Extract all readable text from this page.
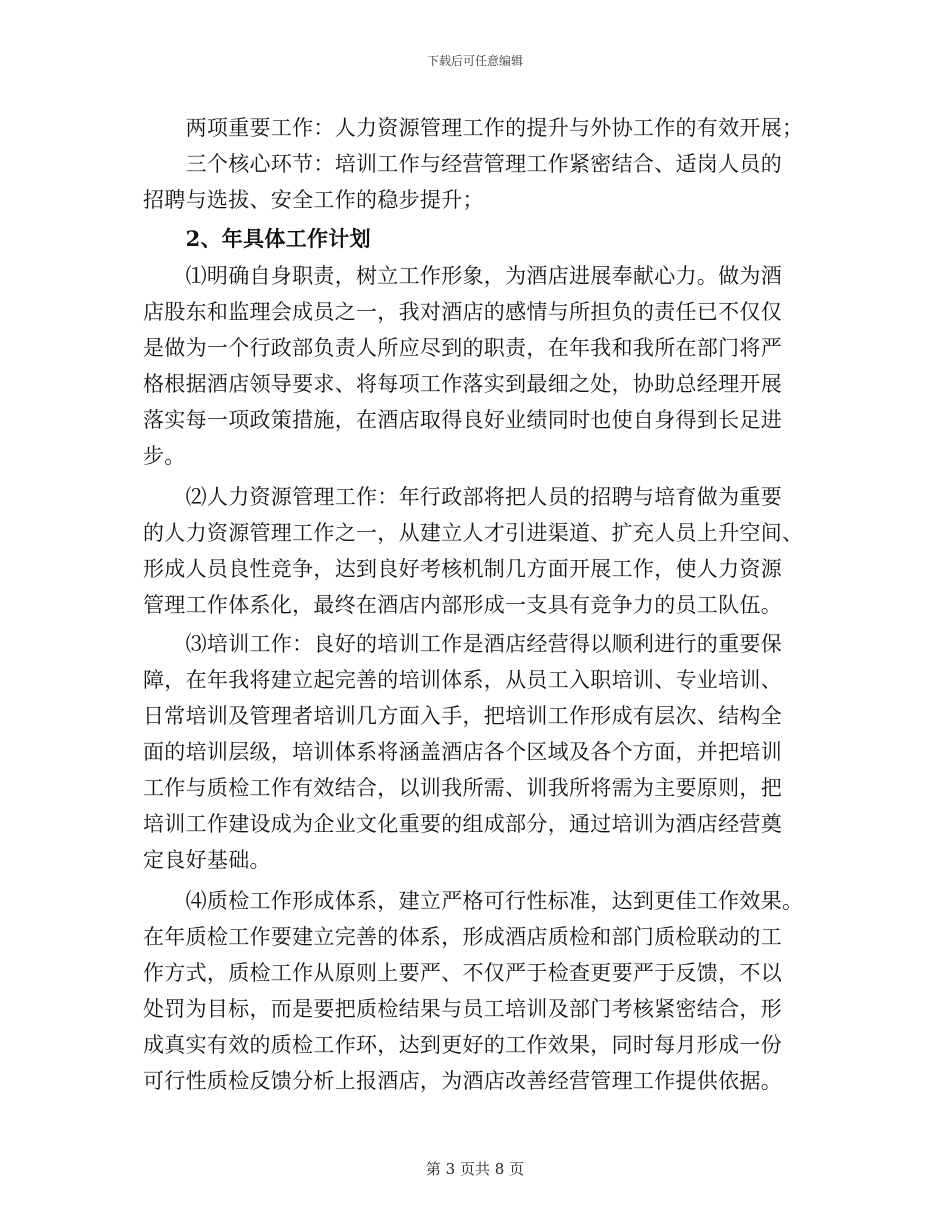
下载后可任意编辑
　　两项重要工作：人力资源管理工作的提升与外协工作的有效开展；
　　三个核心环节：培训工作与经营管理工作紧密结合、适岗人员的
招聘与选拔、安全工作的稳步提升；
　　2、年具体工作计划
　　⑴明确自身职责，树立工作形象，为酒店进展奉献心力。做为酒
店股东和监理会成员之一，我对酒店的感情与所担负的责任已不仅仅
是做为一个行政部负责人所应尽到的职责，在年我和我所在部门将严
格根据酒店领导要求、将每项工作落实到最细之处，协助总经理开展
落实每一项政策措施，在酒店取得良好业绩同时也使自身得到长足进
步。
　　⑵人力资源管理工作：年行政部将把人员的招聘与培育做为重要
的人力资源管理工作之一，从建立人才引进渠道、扩充人员上升空间、
形成人员良性竞争，达到良好考核机制几方面开展工作，使人力资源
管理工作体系化，最终在酒店内部形成一支具有竞争力的员工队伍。
　　⑶培训工作：良好的培训工作是酒店经营得以顺利进行的重要保
障，在年我将建立起完善的培训体系，从员工入职培训、专业培训、
日常培训及管理者培训几方面入手，把培训工作形成有层次、结构全
面的培训层级，培训体系将涵盖酒店各个区域及各个方面，并把培训
工作与质检工作有效结合，以训我所需、训我所将需为主要原则，把
培训工作建设成为企业文化重要的组成部分，通过培训为酒店经营奠
定良好基础。
　　⑷质检工作形成体系，建立严格可行性标准，达到更佳工作效果。
在年质检工作要建立完善的体系，形成酒店质检和部门质检联动的工
作方式，质检工作从原则上要严、不仅严于检查更要严于反馈，不以
处罚为目标，而是要把质检结果与员工培训及部门考核紧密结合，形
成真实有效的质检工作环，达到更好的工作效果，同时每月形成一份
可行性质检反馈分析上报酒店，为酒店改善经营管理工作提供依据。
第 3 页共 8 页
